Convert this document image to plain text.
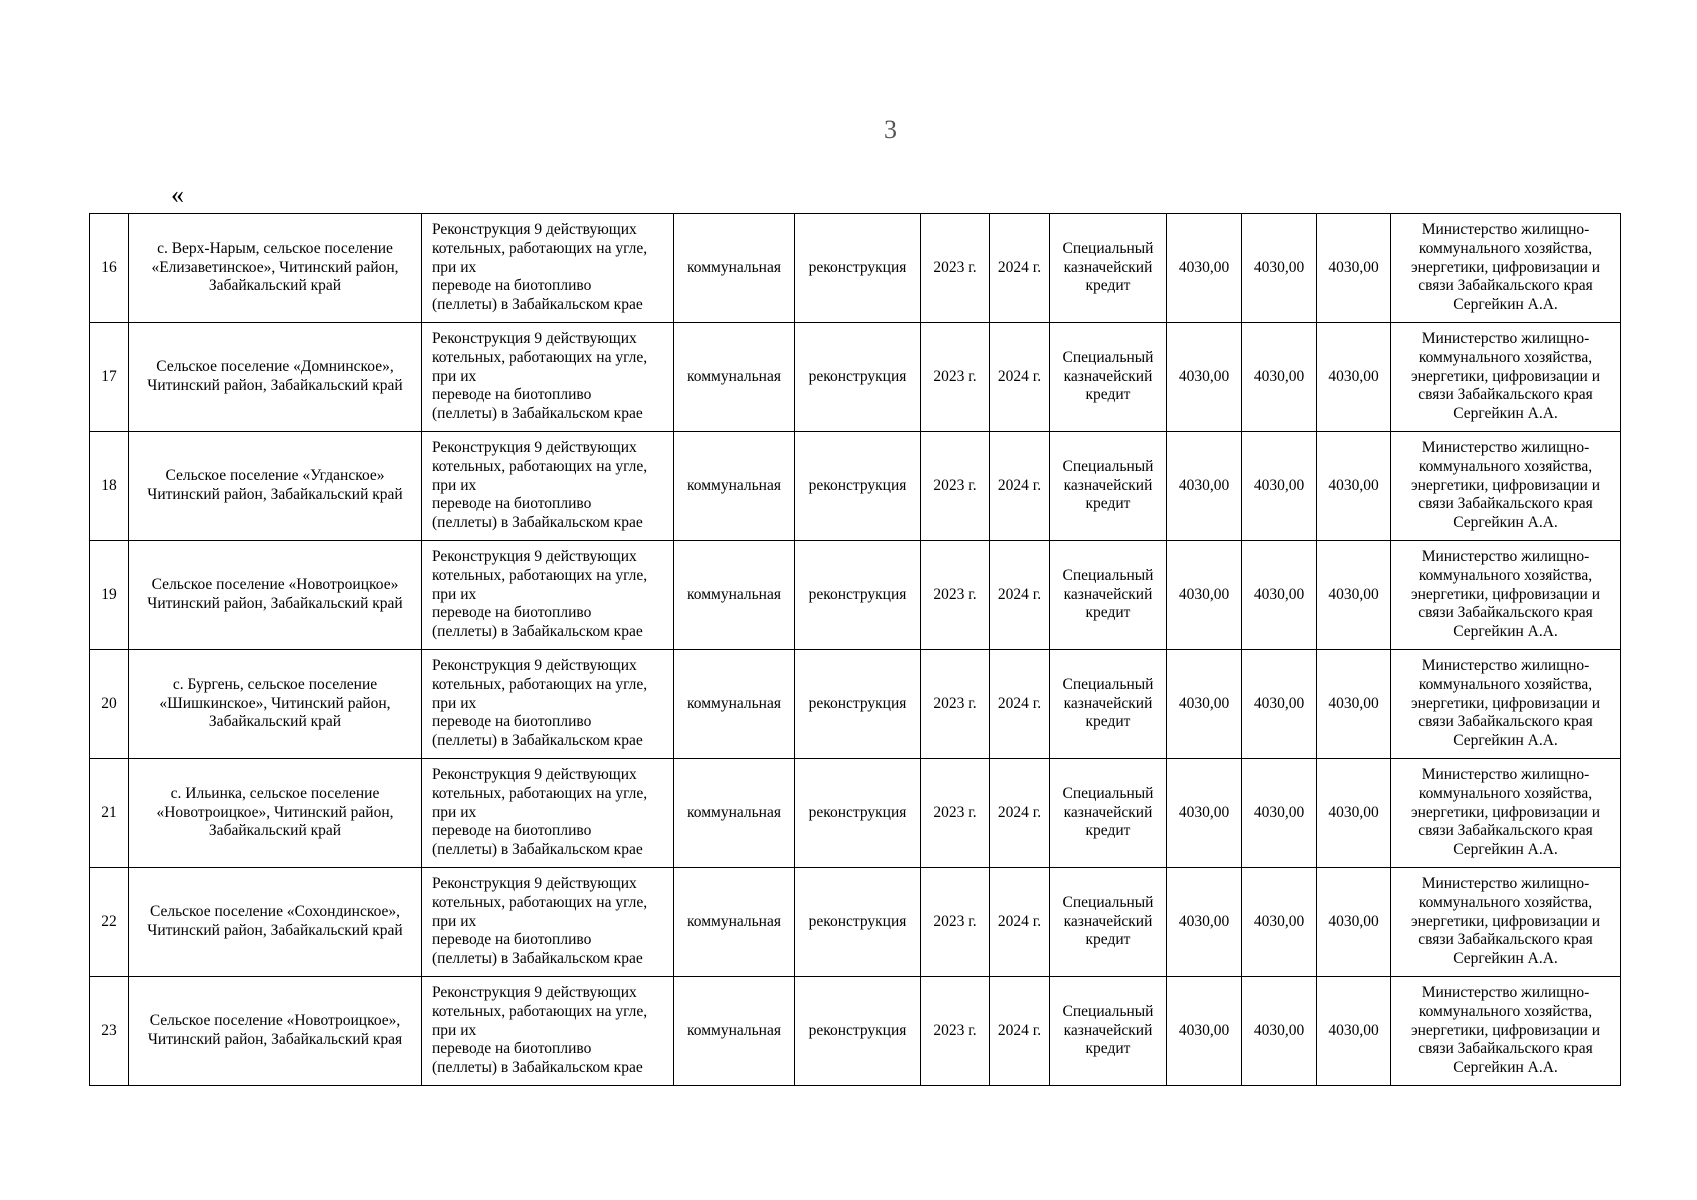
3
«
16	с. Верх-Нарым, сельское поселение «Елизаветинское», Читинский район, Забайкальский край	Реконструкция 9 действующих
котельных, работающих на угле,
при их
переводе на биотопливо
(пеллеты) в Забайкальском крае	коммунальная	реконструкция	2023 г.	2024 г.	Специальный казначейский кредит	4030,00	4030,00	4030,00	Министерство жилищно-коммунального хозяйства, энергетики, цифровизации и связи Забайкальского края Сергейкин А.А.
17	Сельское поселение «Домнинское», Читинский район, Забайкальский край	Реконструкция 9 действующих
котельных, работающих на угле,
при их
переводе на биотопливо
(пеллеты) в Забайкальском крае	коммунальная	реконструкция	2023 г.	2024 г.	Специальный казначейский кредит	4030,00	4030,00	4030,00	Министерство жилищно-коммунального хозяйства, энергетики, цифровизации и связи Забайкальского края Сергейкин А.А.
18	Сельское поселение «Угданское» Читинский район, Забайкальский край	Реконструкция 9 действующих
котельных, работающих на угле,
при их
переводе на биотопливо
(пеллеты) в Забайкальском крае	коммунальная	реконструкция	2023 г.	2024 г.	Специальный казначейский кредит	4030,00	4030,00	4030,00	Министерство жилищно-коммунального хозяйства, энергетики, цифровизации и связи Забайкальского края Сергейкин А.А.
19	Сельское поселение «Новотроицкое» Читинский район, Забайкальский край	Реконструкция 9 действующих
котельных, работающих на угле,
при их
переводе на биотопливо
(пеллеты) в Забайкальском крае	коммунальная	реконструкция	2023 г.	2024 г.	Специальный казначейский кредит	4030,00	4030,00	4030,00	Министерство жилищно-коммунального хозяйства, энергетики, цифровизации и связи Забайкальского края Сергейкин А.А.
20	с. Бургень, сельское поселение «Шишкинское», Читинский район, Забайкальский край	Реконструкция 9 действующих
котельных, работающих на угле,
при их
переводе на биотопливо
(пеллеты) в Забайкальском крае	коммунальная	реконструкция	2023 г.	2024 г.	Специальный казначейский кредит	4030,00	4030,00	4030,00	Министерство жилищно-коммунального хозяйства, энергетики, цифровизации и связи Забайкальского края Сергейкин А.А.
21	с. Ильинка, сельское поселение «Новотроицкое», Читинский район, Забайкальский край	Реконструкция 9 действующих
котельных, работающих на угле,
при их
переводе на биотопливо
(пеллеты) в Забайкальском крае	коммунальная	реконструкция	2023 г.	2024 г.	Специальный казначейский кредит	4030,00	4030,00	4030,00	Министерство жилищно-коммунального хозяйства, энергетики, цифровизации и связи Забайкальского края Сергейкин А.А.
22	Сельское поселение «Сохондинское», Читинский район, Забайкальский край	Реконструкция 9 действующих
котельных, работающих на угле,
при их
переводе на биотопливо
(пеллеты) в Забайкальском крае	коммунальная	реконструкция	2023 г.	2024 г.	Специальный казначейский кредит	4030,00	4030,00	4030,00	Министерство жилищно-коммунального хозяйства, энергетики, цифровизации и связи Забайкальского края Сергейкин А.А.
23	Сельское поселение «Новотроицкое», Читинский район, Забайкальский края	Реконструкция 9 действующих
котельных, работающих на угле,
при их
переводе на биотопливо
(пеллеты) в Забайкальском крае	коммунальная	реконструкция	2023 г.	2024 г.	Специальный казначейский кредит	4030,00	4030,00	4030,00	Министерство жилищно-коммунального хозяйства, энергетики, цифровизации и связи Забайкальского края Сергейкин А.А.
